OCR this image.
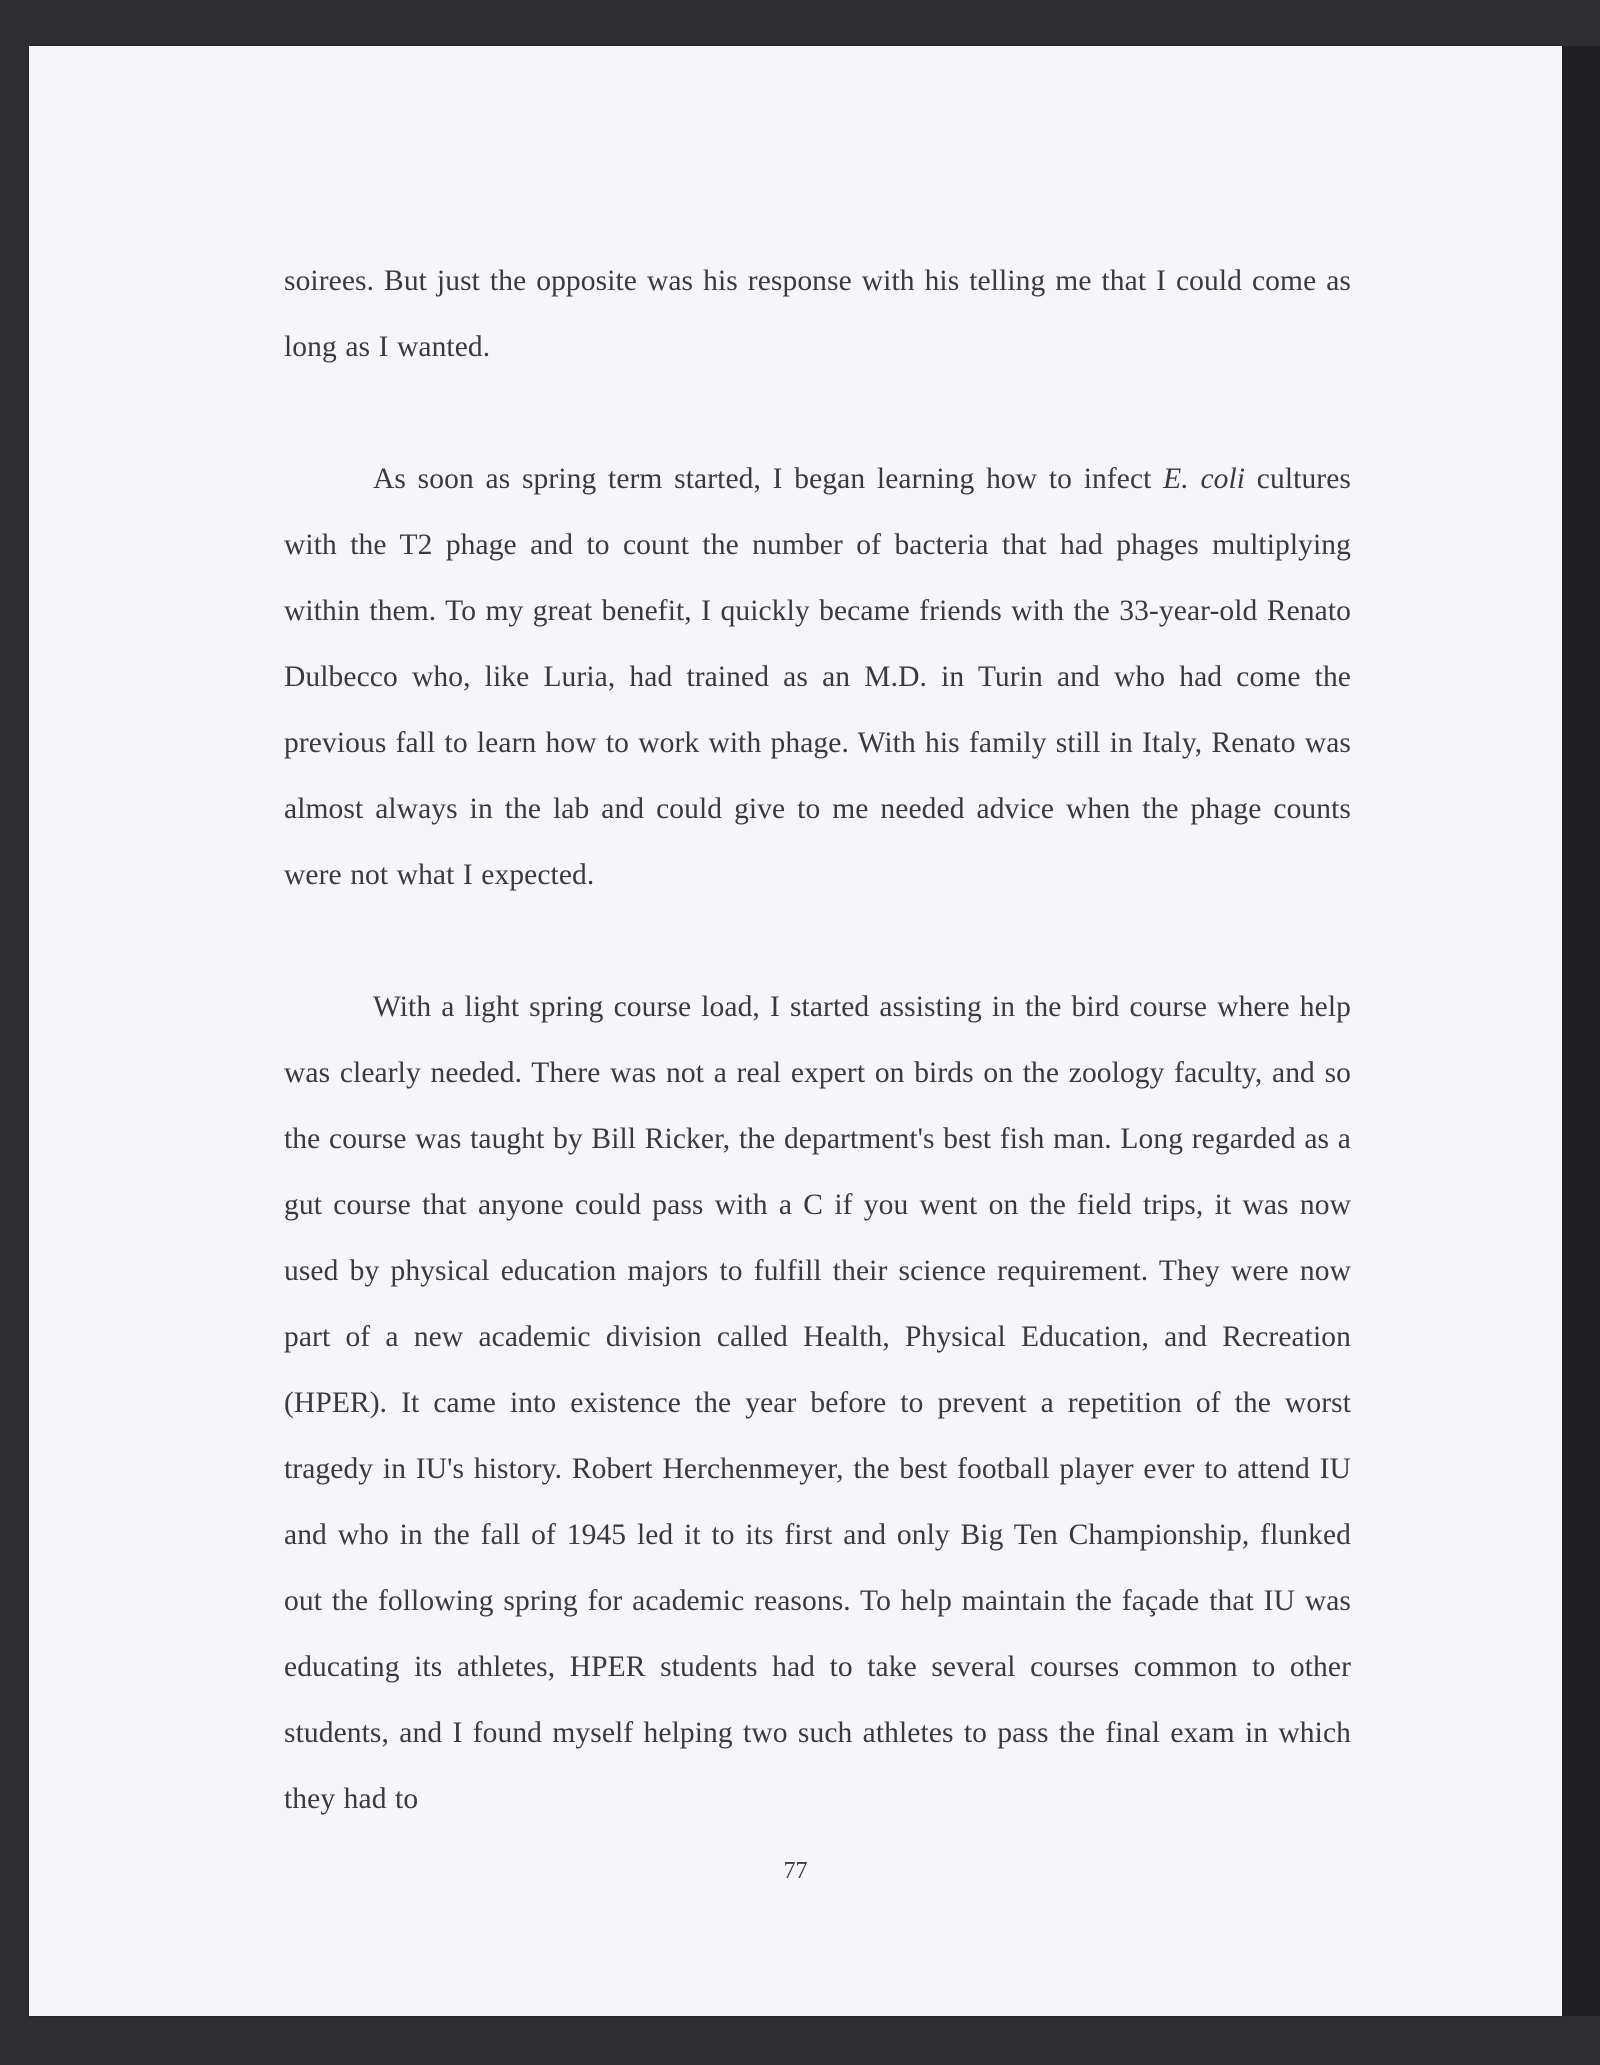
soirees. But just the opposite was his response with his telling me that I could come as long as I wanted.

As soon as spring term started, I began learning how to infect E. coli cultures with the T2 phage and to count the number of bacteria that had phages multiplying within them. To my great benefit, I quickly became friends with the 33-year-old Renato Dulbecco who, like Luria, had trained as an M.D. in Turin and who had come the previous fall to learn how to work with phage. With his family still in Italy, Renato was almost always in the lab and could give to me needed advice when the phage counts were not what I expected.

With a light spring course load, I started assisting in the bird course where help was clearly needed. There was not a real expert on birds on the zoology faculty, and so the course was taught by Bill Ricker, the department's best fish man. Long regarded as a gut course that anyone could pass with a C if you went on the field trips, it was now used by physical education majors to fulfill their science requirement. They were now part of a new academic division called Health, Physical Education, and Recreation (HPER). It came into existence the year before to prevent a repetition of the worst tragedy in IU's history. Robert Herchenmeyer, the best football player ever to attend IU and who in the fall of 1945 led it to its first and only Big Ten Championship, flunked out the following spring for academic reasons. To help maintain the façade that IU was educating its athletes, HPER students had to take several courses common to other students, and I found myself helping two such athletes to pass the final exam in which they had to

77
